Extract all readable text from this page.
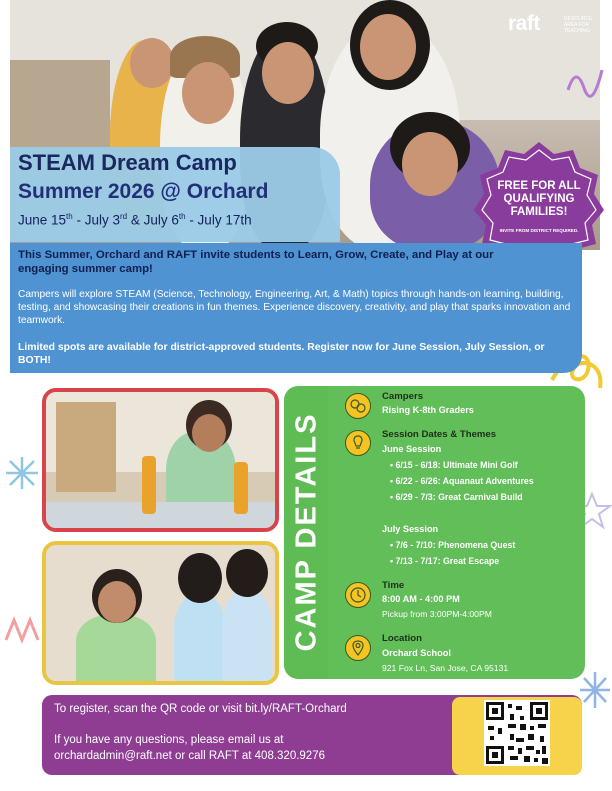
raft	RESOURCE AREA FOR TEACHING
STEAM Dream Camp
Summer 2026 @ Orchard
June 15th - July 3rd & July 6th - July 17th
FREE FOR ALL QUALIFYING FAMILIES!
INVITE FROM DISTRICT REQUIRED.
This Summer, Orchard and RAFT invite students to Learn, Grow, Create, and Play at our engaging summer camp!
Campers will explore STEAM (Science, Technology, Engineering, Art, & Math) topics through hands-on learning, building, testing, and showcasing their creations in fun themes. Experience discovery, creativity, and play that sparks innovation and teamwork.
Limited spots are available for district-approved students. Register now for June Session, July Session, or BOTH!
CAMP DETAILS
Campers
Rising K-8th Graders
Session Dates & Themes
June Session
• 6/15 - 6/18: Ultimate Mini Golf
• 6/22 - 6/26: Aquanaut Adventures
• 6/29 - 7/3: Great Carnival Build
July Session
• 7/6 - 7/10: Phenomena Quest
• 7/13 - 7/17: Great Escape
Time
8:00 AM - 4:00 PM
Pickup from 3:00PM-4:00PM
Location
Orchard School
921 Fox Ln, San Jose, CA 95131
To register, scan the QR code or visit bit.ly/RAFT-Orchard
If you have any questions, please email us at
orchardadmin@raft.net or call RAFT at 408.320.9276
